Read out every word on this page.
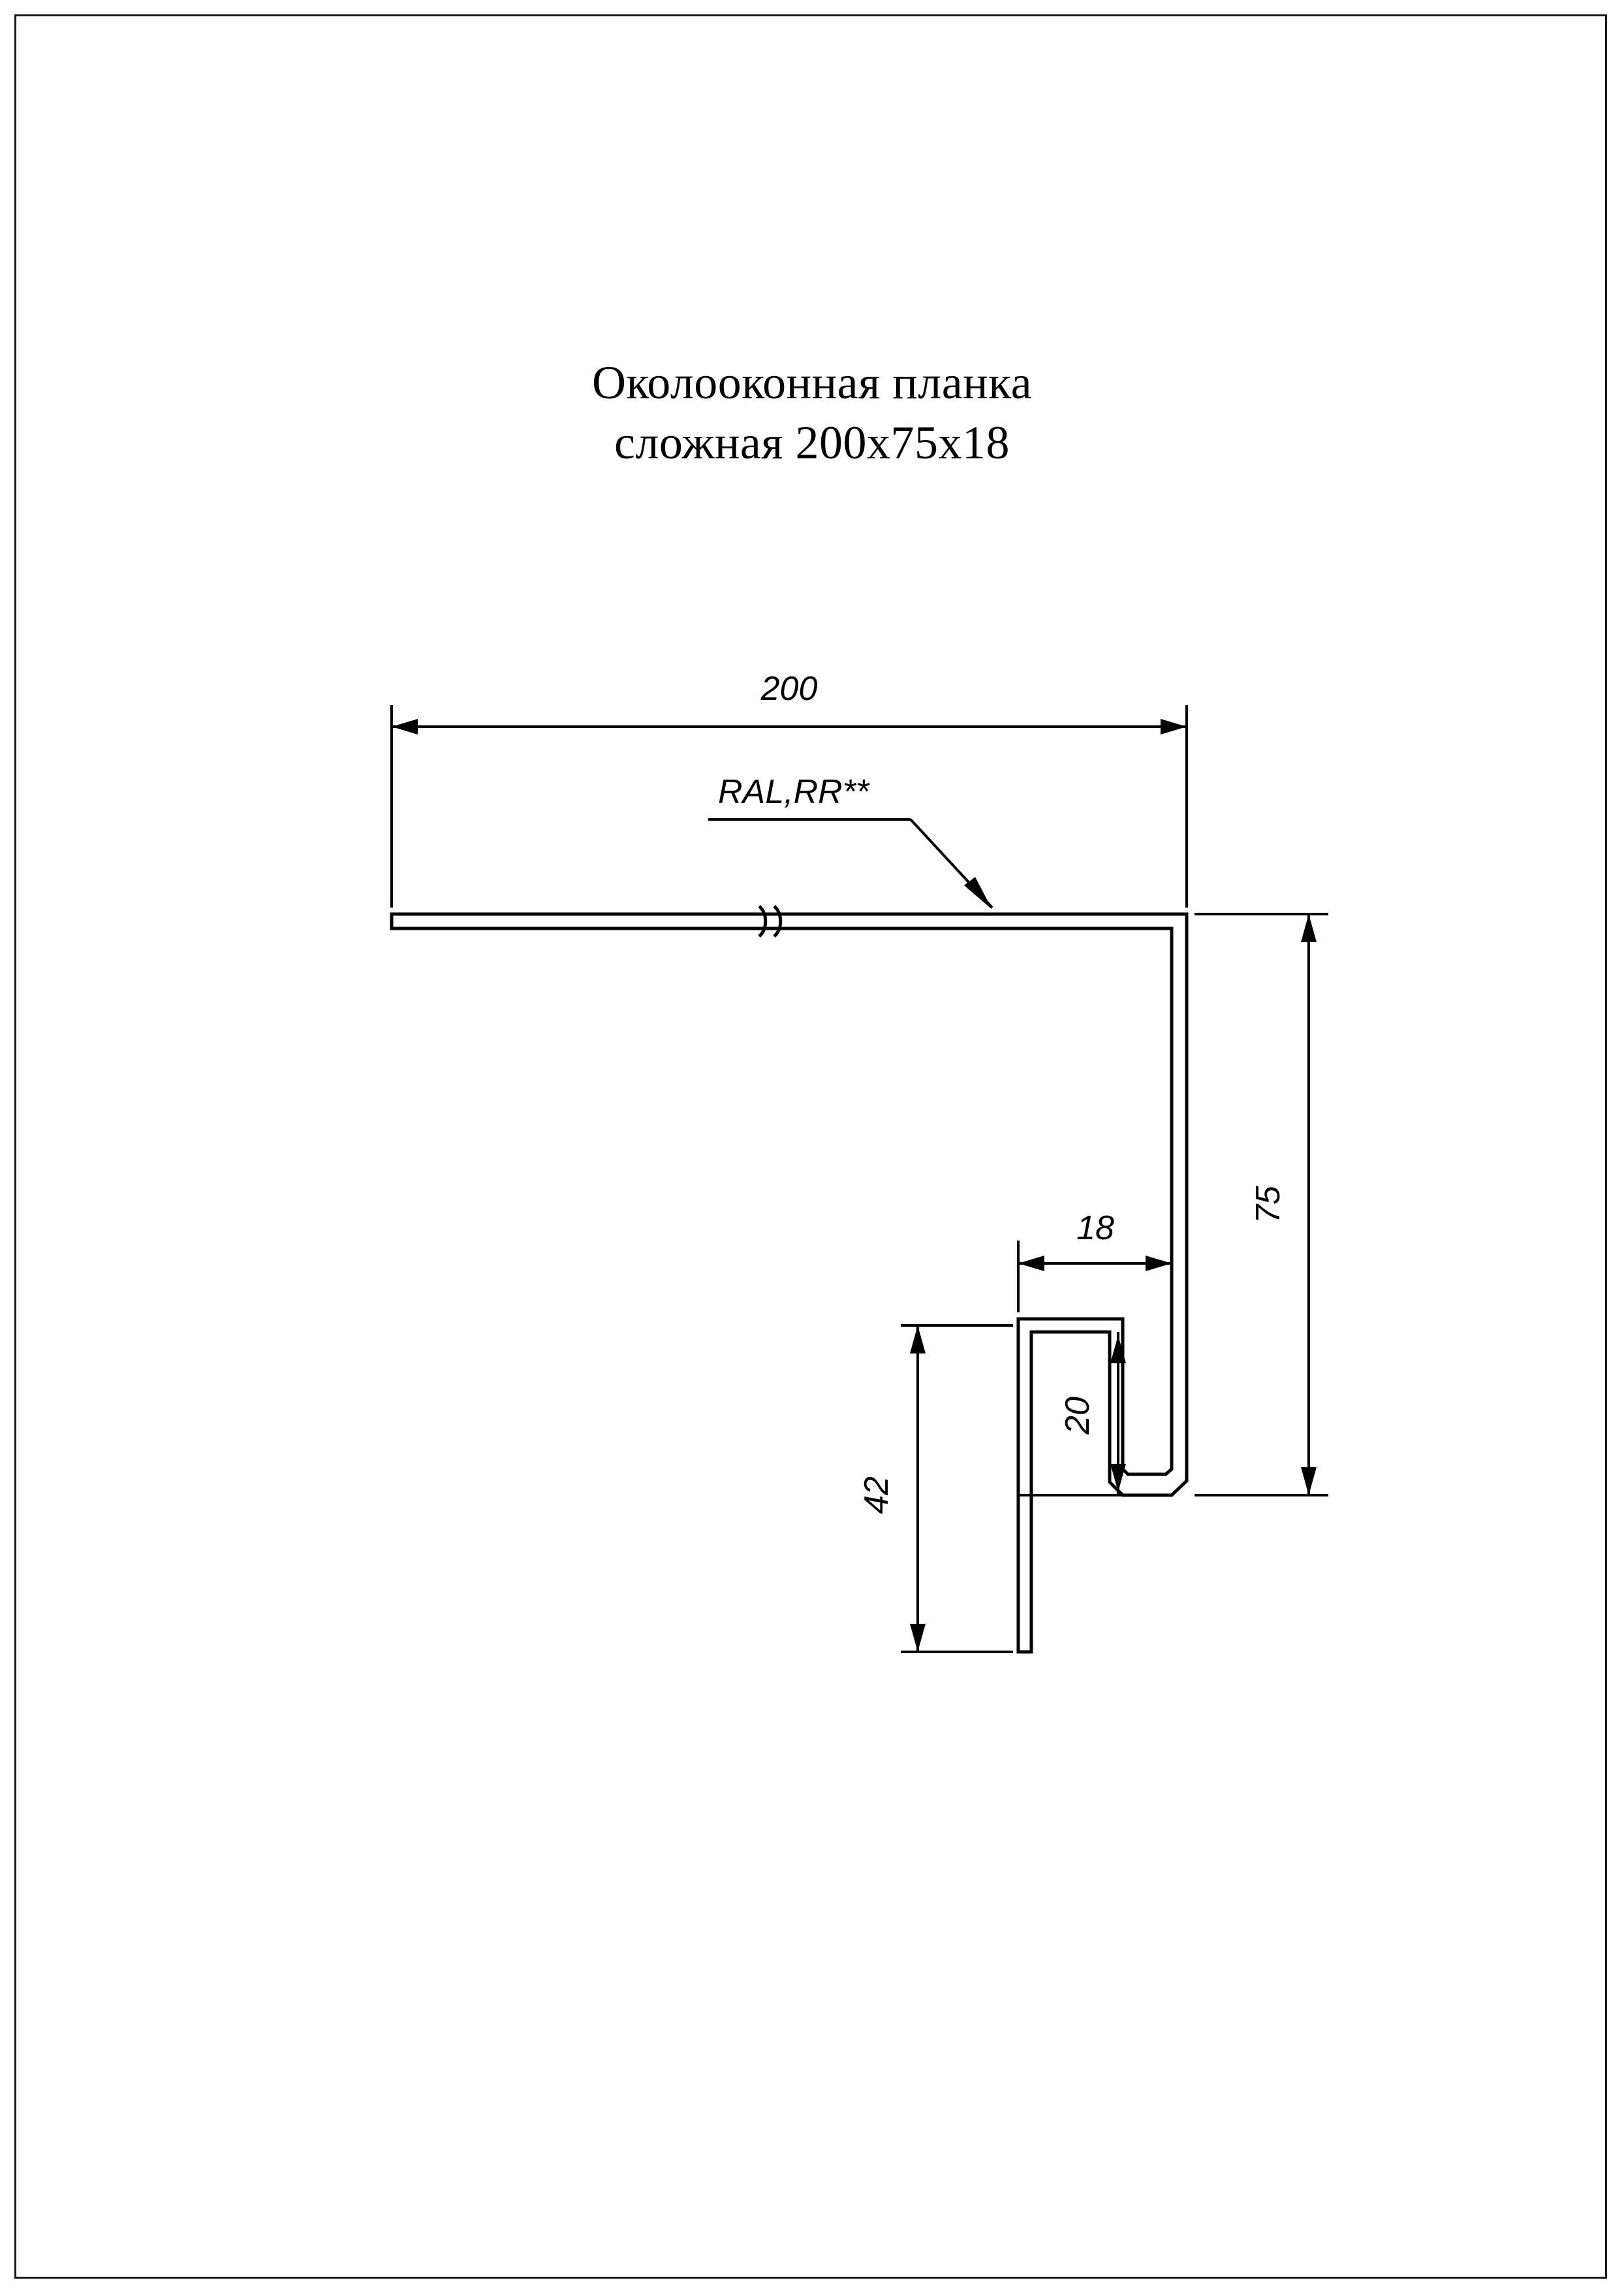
Околооконная планка
сложная 200x75x18
200
RAL,RR**
75
18
20
42
